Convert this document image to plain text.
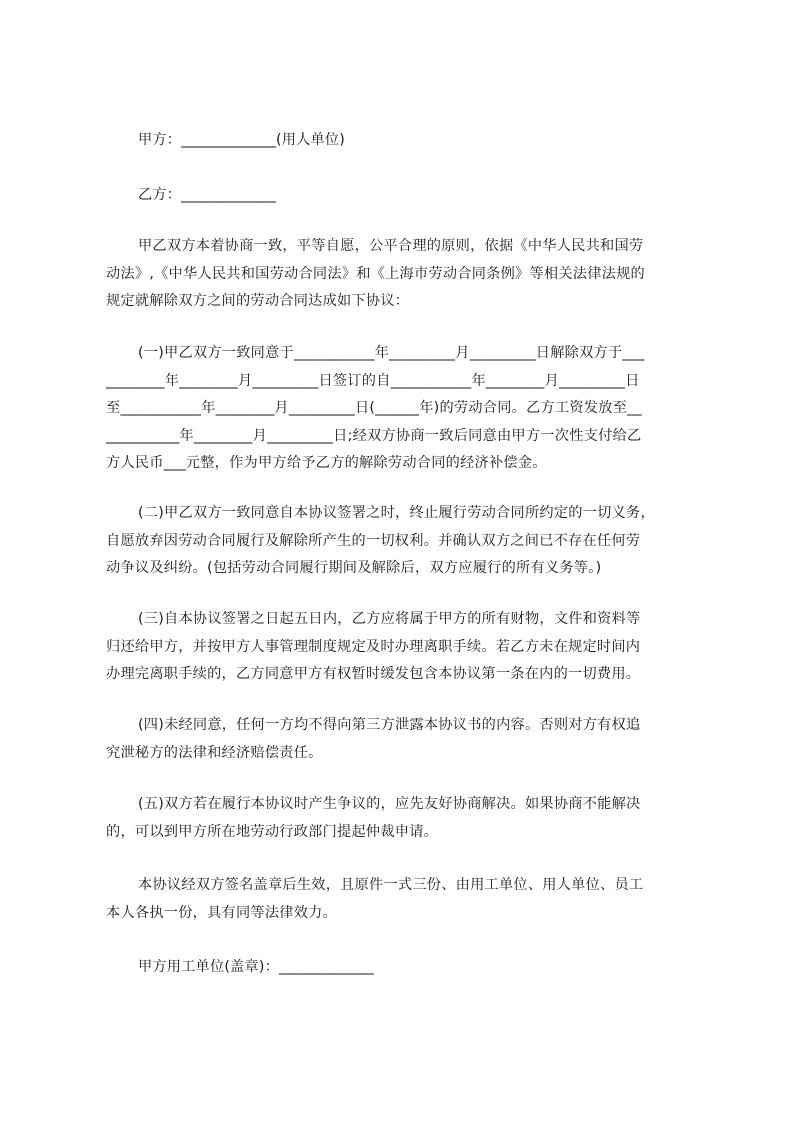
甲方：_____________(用人单位)
乙方：_____________
甲乙双方本着协商一致，平等自愿，公平合理的原则，依据《中华人民共和国劳
动法》,《中华人民共和国劳动合同法》和《上海市劳动合同条例》等相关法律法规的
规定就解除双方之间的劳动合同达成如下协议：
(一)甲乙双方一致同意于___________年_________月_________日解除双方于___
________年________月_________日签订的自___________年________月_________日
至___________年________月_________日(______年)的劳动合同。乙方工资发放至__
__________年________月_________日;经双方协商一致后同意由甲方一次性支付给乙
方人民币___元整，作为甲方给予乙方的解除劳动合同的经济补偿金。
(二)甲乙双方一致同意自本协议签署之时，终止履行劳动合同所约定的一切义务，
自愿放弃因劳动合同履行及解除所产生的一切权利。并确认双方之间已不存在任何劳
动争议及纠纷。(包括劳动合同履行期间及解除后，双方应履行的所有义务等。)
(三)自本协议签署之日起五日内，乙方应将属于甲方的所有财物，文件和资料等
归还给甲方，并按甲方人事管理制度规定及时办理离职手续。若乙方未在规定时间内
办理完离职手续的，乙方同意甲方有权暂时缓发包含本协议第一条在内的一切费用。
(四)未经同意，任何一方均不得向第三方泄露本协议书的内容。否则对方有权追
究泄秘方的法律和经济赔偿责任。
(五)双方若在履行本协议时产生争议的，应先友好协商解决。如果协商不能解决
的，可以到甲方所在地劳动行政部门提起仲裁申请。
本协议经双方签名盖章后生效，且原件一式三份、由用工单位、用人单位、员工
本人各执一份，具有同等法律效力。
甲方用工单位(盖章)：_____________
